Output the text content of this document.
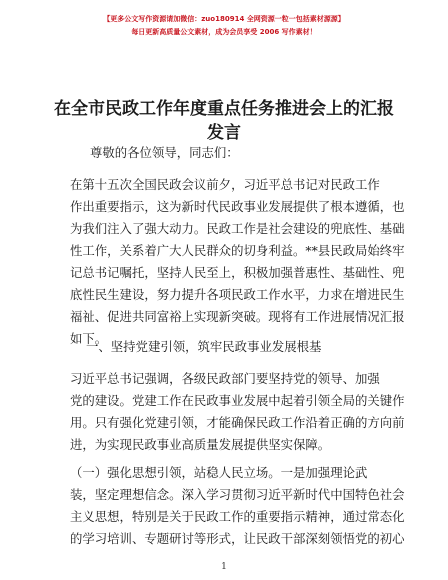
【更多公文写作资源请加微信：zuo180914 全网资源一粒一包括素材源源】
每日更新高质量公文素材，成为会员享受 2006 写作素材！
在全市民政工作年度重点任务推进会上的汇报
发言
尊敬的各位领导，同志们：
在第十五次全国民政会议前夕，习近平总书记对民政工作
作出重要指示，这为新时代民政事业发展提供了根本遵循，也
为我们注入了强大动力。民政工作是社会建设的兜底性、基础
性工作，关系着广大人民群众的切身利益。**县民政局始终牢
记总书记嘱托，坚持人民至上，积极加强普惠性、基础性、兜
底性民生建设，努力提升各项民政工作水平，力求在增进民生
福祉、促进共同富裕上实现新突破。现将有工作进展情况汇报
如下。
一、坚持党建引领，筑牢民政事业发展根基
习近平总书记强调，各级民政部门要坚持党的领导、加强
党的建设。党建工作在民政事业发展中起着引领全局的关键作
用。只有强化党建引领，才能确保民政工作沿着正确的方向前
进，为实现民政事业高质量发展提供坚实保障。
（一）强化思想引领，站稳人民立场。一是加强理论武
装，坚定理想信念。深入学习贯彻习近平新时代中国特色社会
主义思想，特别是关于民政工作的重要指示精神，通过常态化
的学习培训、专题研讨等形式，让民政干部深刻领悟党的初心
1
